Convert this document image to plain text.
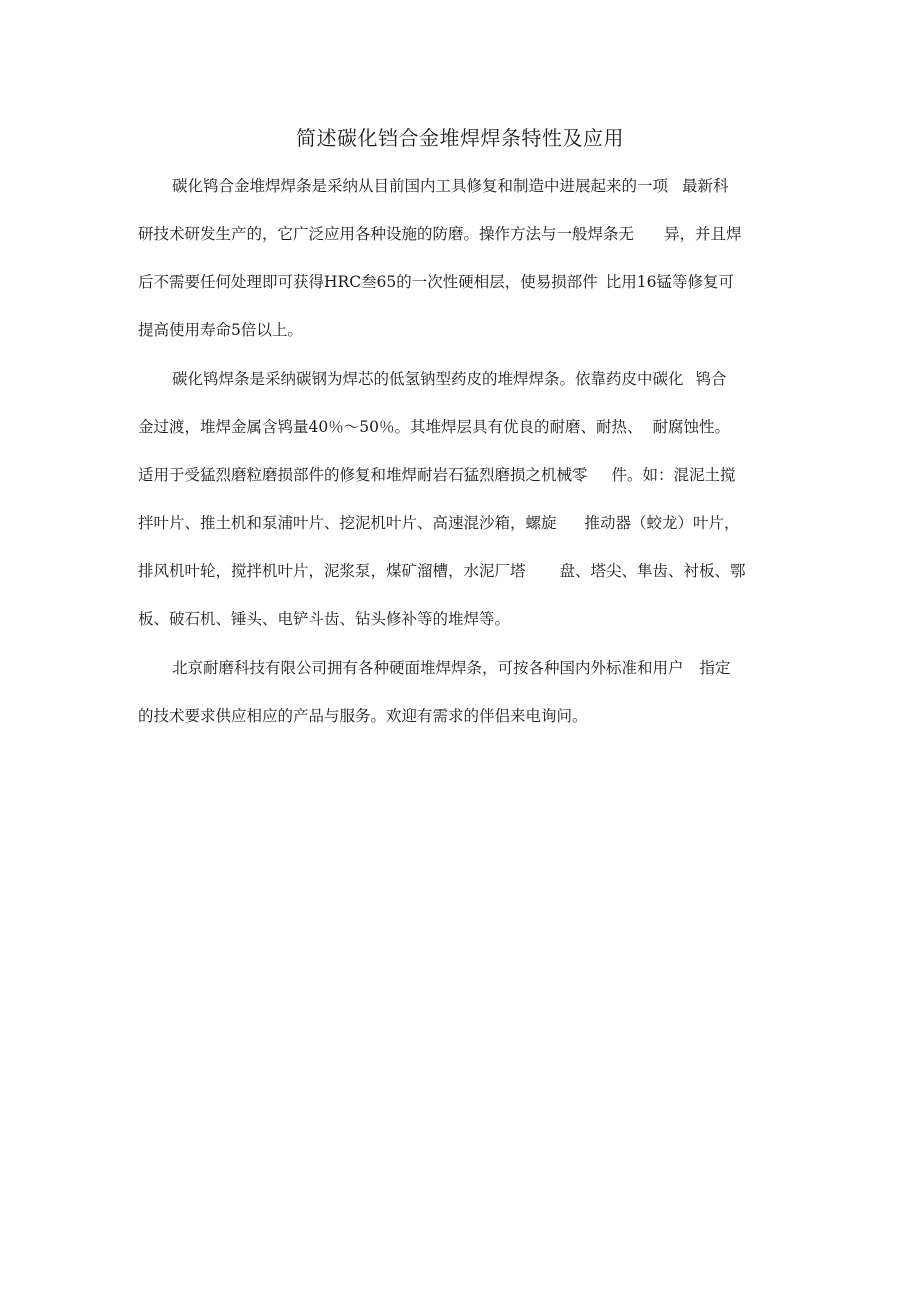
简述碳化铛合金堆焊焊条特性及应用
碳化鸨合金堆焊焊条是采纳从目前国内工具修复和制造中进展起来的一项 最新科
研技术研发生产的，它广泛应用各种设施的防磨。操作方法与一般焊条无 异，并且焊
后不需要任何处理即可获得HRC叁65的一次性硬相层，使易损部件 比用16锰等修复可
提高使用寿命5倍以上。
碳化鸨焊条是采纳碳钢为焊芯的低氢钠型药皮的堆焊焊条。依靠药皮中碳化 鸨合
金过渡，堆焊金属含鸨量40％～50％。其堆焊层具有优良的耐磨、耐热、 耐腐蚀性。
适用于受猛烈磨粒磨损部件的修复和堆焊耐岩石猛烈磨损之机械零 件。如：混泥土搅
拌叶片、推土机和泵浦叶片、挖泥机叶片、高速混沙箱，螺旋 推动器（蛟龙）叶片，
排风机叶轮，搅拌机叶片，泥浆泵，煤矿溜槽，水泥厂塔 盘、塔尖、隼齿、衬板、鄂
板、破石机、锤头、电铲斗齿、钻头修补等的堆焊等。
北京耐磨科技有限公司拥有各种硬面堆焊焊条，可按各种国内外标准和用户 指定
的技术要求供应相应的产品与服务。欢迎有需求的伴侣来电询问。
